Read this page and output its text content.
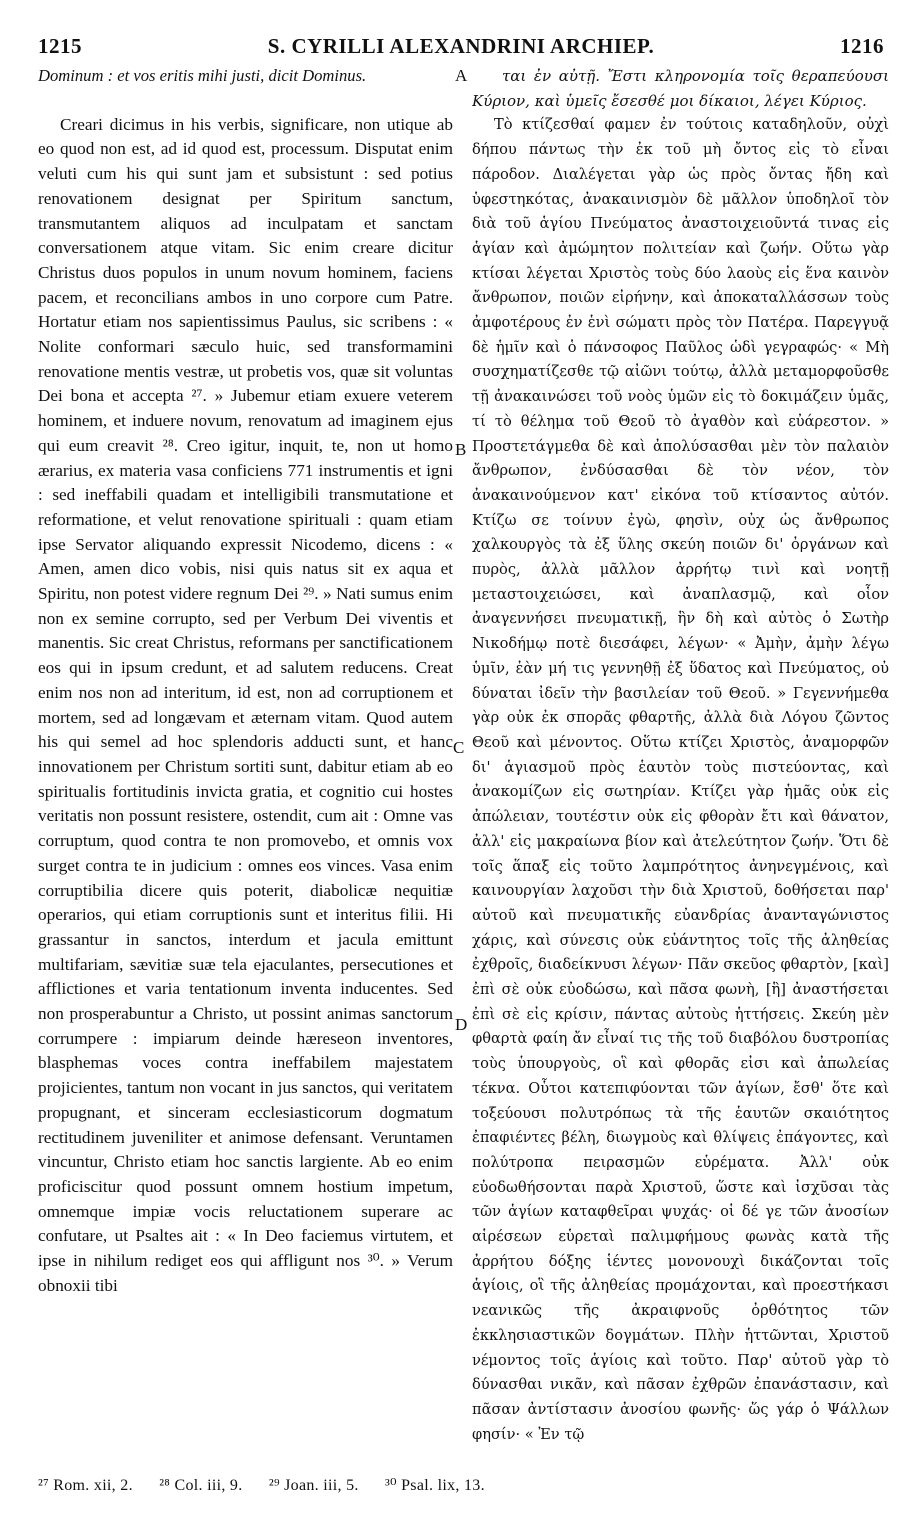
1215	S. CYRILLI ALEXANDRINI ARCHIEP.	1216

Dominum : et vos eritis mihi justi, dicit Dominus.

Creari dicimus in his verbis, significare, non utique ab eo quod non est, ad id quod est, processum. Disputat enim veluti cum his qui sunt jam et subsistunt : sed potius renovationem designat per Spiritum sanctum, transmutantem aliquos ad inculpatam et sanctam conversationem atque vitam. Sic enim creare dicitur Christus duos populos in unum novum hominem, faciens pacem, et reconcilians ambos in uno corpore cum Patre. Hortatur etiam nos sapientissimus Paulus, sic scribens : « Nolite conformari sæculo huic, sed transformamini renovatione mentis vestræ, ut probetis vos, quæ sit voluntas Dei bona et accepta ²⁷. » Jubemur etiam exuere veterem hominem, et induere novum, renovatum ad imaginem ejus qui eum creavit ²⁸. Creo igitur, inquit, te, non ut homo ærarius, ex materia vasa conficiens 771 instrumentis et igni : sed ineffabili quadam et intelligibili transmutatione et reformatione, et velut renovatione spirituali : quam etiam ipse Servator aliquando expressit Nicodemo, dicens : « Amen, amen dico vobis, nisi quis natus sit ex aqua et Spiritu, non potest videre regnum Dei ²⁹. » Nati sumus enim non ex semine corrupto, sed per Verbum Dei viventis et manentis. Sic creat Christus, reformans per sanctificationem eos qui in ipsum credunt, et ad salutem reducens. Creat enim nos non ad interitum, id est, non ad corruptionem et mortem, sed ad longævam et æternam vitam. Quod autem his qui semel ad hoc splendoris adducti sunt, et hanc innovationem per Christum sortiti sunt, dabitur etiam ab eo spiritualis fortitudinis invicta gratia, et cognitio cui hostes veritatis non possunt resistere, ostendit, cum ait : Omne vas corruptum, quod contra te non promovebo, et omnis vox surget contra te in judicium : omnes eos vinces. Vasa enim corruptibilia dicere quis poterit, diabolicæ nequitiæ operarios, qui etiam corruptionis sunt et interitus filii. Hi grassantur in sanctos, interdum et jacula emittunt multifariam, sævitiæ suæ tela ejaculantes, persecutiones et afflictiones et varia tentationum inventa inducentes. Sed non prosperabuntur a Christo, ut possint animas sanctorum corrumpere : impiarum deinde hæreseon inventores, blasphemas voces contra ineffabilem majestatem projicientes, tantum non vocant in jus sanctos, qui veritatem propugnant, et sinceram ecclesiasticorum dogmatum rectitudinem juveniliter et animose defensant. Veruntamen vincuntur, Christo etiam hoc sanctis largiente. Ab eo enim proficiscitur quod possunt omnem hostium impetum, omnemque impiæ vocis reluctationem superare ac confutare, ut Psaltes ait : « In Deo faciemus virtutem, et ipse in nihilum rediget eos qui affligunt nos ³⁰. » Verum obnoxii tibi

A
B
C
D

ται ἐν αὐτῇ. Ἔστι κληρονομία τοῖς θεραπεύουσι Κύριον, καὶ ὑμεῖς ἔσεσθέ μοι δίκαιοι, λέγει Κύριος.

Τὸ κτίζεσθαί φαμεν ἐν τούτοις καταδηλοῦν, οὐχὶ δήπου πάντως τὴν ἐκ τοῦ μὴ ὄντος εἰς τὸ εἶναι πάροδον. Διαλέγεται γὰρ ὡς πρὸς ὄντας ἤδη καὶ ὑφεστηκότας, ἀνακαινισμὸν δὲ μᾶλλον ὑποδηλοῖ τὸν διὰ τοῦ ἁγίου Πνεύματος ἀναστοιχειοῦντά τινας εἰς ἁγίαν καὶ ἀμώμητον πολιτείαν καὶ ζωήν. Οὕτω γὰρ κτίσαι λέγεται Χριστὸς τοὺς δύο λαοὺς εἰς ἕνα καινὸν ἄνθρωπον, ποιῶν εἰρήνην, καὶ ἀποκαταλλάσσων τοὺς ἀμφοτέρους ἐν ἑνὶ σώματι πρὸς τὸν Πατέρα. Παρεγγυᾷ δὲ ἡμῖν καὶ ὁ πάνσοφος Παῦλος ὡδὶ γεγραφώς· « Μὴ συσχηματίζεσθε τῷ αἰῶνι τούτῳ, ἀλλὰ μεταμορφοῦσθε τῇ ἀνακαινώσει τοῦ νοὸς ὑμῶν εἰς τὸ δοκιμάζειν ὑμᾶς, τί τὸ θέλημα τοῦ Θεοῦ τὸ ἀγαθὸν καὶ εὐάρεστον. » Προστετάγμεθα δὲ καὶ ἀπολύσασθαι μὲν τὸν παλαιὸν ἄνθρωπον, ἐνδύσασθαι δὲ τὸν νέον, τὸν ἀνακαινούμενον κατ' εἰκόνα τοῦ κτίσαντος αὐτόν. Κτίζω σε τοίνυν ἐγὼ, φησὶν, οὐχ ὡς ἄνθρωπος χαλκουργὸς τὰ ἐξ ὕλης σκεύη ποιῶν δι' ὀργάνων καὶ πυρὸς, ἀλλὰ μᾶλλον ἀρρήτῳ τινὶ καὶ νοητῇ μεταστοιχειώσει, καὶ ἀναπλασμῷ, καὶ οἷον ἀναγεννήσει πνευματικῇ, ἣν δὴ καὶ αὐτὸς ὁ Σωτὴρ Νικοδήμῳ ποτὲ διεσάφει, λέγων· « Ἀμὴν, ἀμὴν λέγω ὑμῖν, ἐὰν μή τις γεννηθῇ ἐξ ὕδατος καὶ Πνεύματος, οὐ δύναται ἰδεῖν τὴν βασιλείαν τοῦ Θεοῦ. » Γεγεννήμεθα γὰρ οὐκ ἐκ σπορᾶς φθαρτῆς, ἀλλὰ διὰ Λόγου ζῶντος Θεοῦ καὶ μένοντος. Οὕτω κτίζει Χριστὸς, ἀναμορφῶν δι' ἁγιασμοῦ πρὸς ἑαυτὸν τοὺς πιστεύοντας, καὶ ἀνακομίζων εἰς σωτηρίαν. Κτίζει γὰρ ἡμᾶς οὐκ εἰς ἀπώλειαν, τουτέστιν οὐκ εἰς φθορὰν ἔτι καὶ θάνατον, ἀλλ' εἰς μακραίωνα βίον καὶ ἀτελεύτητον ζωήν. Ὅτι δὲ τοῖς ἅπαξ εἰς τοῦτο λαμπρότητος ἀνηνεγμένοις, καὶ καινουργίαν λαχοῦσι τὴν διὰ Χριστοῦ, δοθήσεται παρ' αὐτοῦ καὶ πνευματικῆς εὐανδρίας ἀνανταγώνιστος χάρις, καὶ σύνεσις οὐκ εὐάντητος τοῖς τῆς ἀληθείας ἐχθροῖς, διαδείκνυσι λέγων· Πᾶν σκεῦος φθαρτὸν, [καὶ] ἐπὶ σὲ οὐκ εὐοδώσω, καὶ πᾶσα φωνὴ, [ἣ] ἀναστήσεται ἐπὶ σὲ εἰς κρίσιν, πάντας αὐτοὺς ἡττήσεις. Σκεύη μὲν φθαρτὰ φαίη ἄν εἶναί τις τῆς τοῦ διαβόλου δυστροπίας τοὺς ὑπουργοὺς, οἳ καὶ φθορᾶς εἰσι καὶ ἀπωλείας τέκνα. Οὗτοι κατεπιφύονται τῶν ἁγίων, ἔσθ' ὅτε καὶ τοξεύουσι πολυτρόπως τὰ τῆς ἑαυτῶν σκαιότητος ἐπαφιέντες βέλη, διωγμοὺς καὶ θλίψεις ἐπάγοντες, καὶ πολύτροπα πειρασμῶν εὑρέματα. Ἀλλ' οὐκ εὐοδωθήσονται παρὰ Χριστοῦ, ὥστε καὶ ἰσχῦσαι τὰς τῶν ἁγίων καταφθεῖραι ψυχάς· οἱ δέ γε τῶν ἀνοσίων αἱρέσεων εὑρεταὶ παλιμφήμους φωνὰς κατὰ τῆς ἀρρήτου δόξης ἱέντες μονονουχὶ δικάζονται τοῖς ἁγίοις, οἳ τῆς ἀληθείας προμάχονται, καὶ προεστήκασι νεανικῶς τῆς ἀκραιφνοῦς ὀρθότητος τῶν ἐκκλησιαστικῶν δογμάτων. Πλὴν ἡττῶνται, Χριστοῦ νέμοντος τοῖς ἁγίοις καὶ τοῦτο. Παρ' αὐτοῦ γὰρ τὸ δύνασθαι νικᾶν, καὶ πᾶσαν ἐχθρῶν ἐπανάστασιν, καὶ πᾶσαν ἀντίστασιν ἀνοσίου φωνῆς· ὥς γάρ ὁ Ψάλλων φησίν· « Ἐν τῷ

²⁷ Rom. xii, 2. ²⁸ Col. iii, 9. ²⁹ Joan. iii, 5. ³⁰ Psal. lix, 13.
